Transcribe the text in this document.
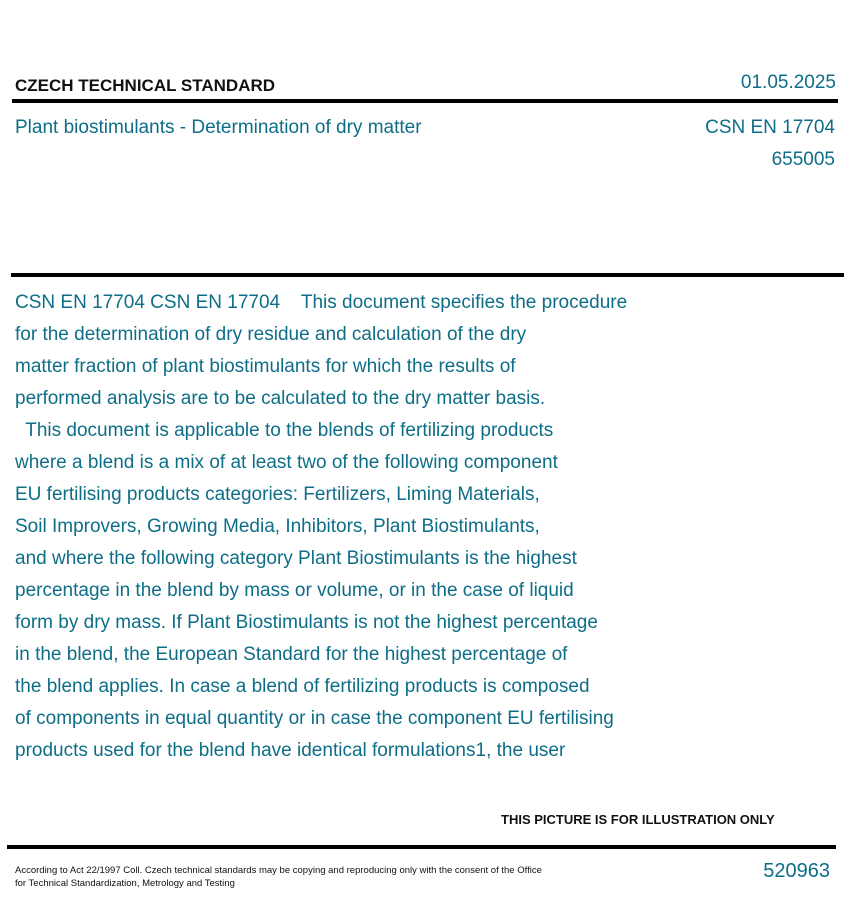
CZECH TECHNICAL STANDARD	01.05.2025
Plant biostimulants - Determination of dry matter	CSN EN 17704
655005
CSN EN 17704 CSN EN 17704    This document specifies the procedure
for the determination of dry residue and calculation of the dry
matter fraction of plant biostimulants for which the results of
performed analysis are to be calculated to the dry matter basis.
This document is applicable to the blends of fertilizing products
where a blend is a mix of at least two of the following component
EU fertilising products categories: Fertilizers, Liming Materials,
Soil Improvers, Growing Media, Inhibitors, Plant Biostimulants,
and where the following category Plant Biostimulants is the highest
percentage in the blend by mass or volume, or in the case of liquid
form by dry mass. If Plant Biostimulants is not the highest percentage
in the blend, the European Standard for the highest percentage of
the blend applies. In case a blend of fertilizing products is composed
of components in equal quantity or in case the component EU fertilising
products used for the blend have identical formulations1, the user
THIS PICTURE IS FOR ILLUSTRATION ONLY
According to Act 22/1997 Coll. Czech technical standards may be copying and reproducing only with the consent of the Office
for Technical Standardization, Metrology and Testing
520963
